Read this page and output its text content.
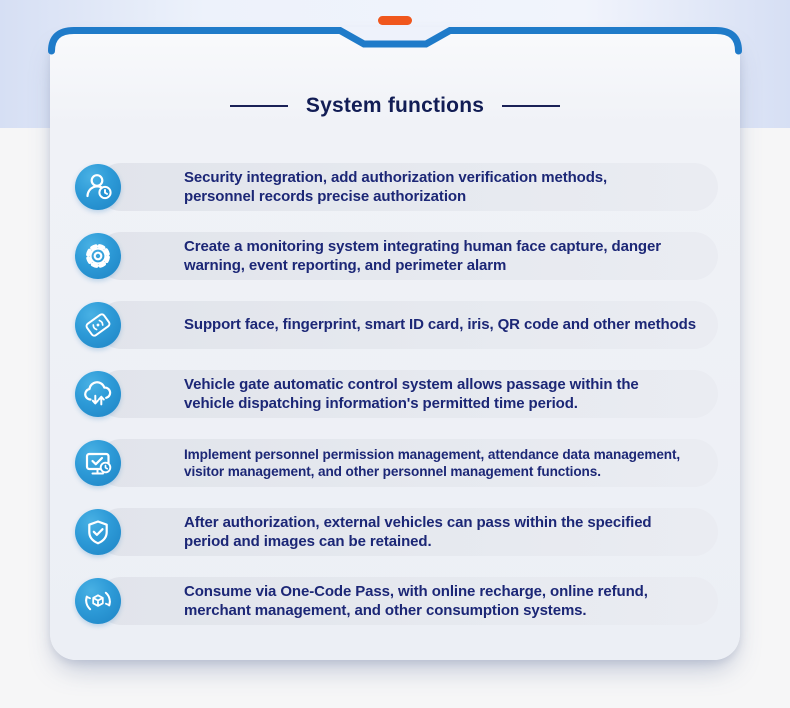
System functions
Security integration, add authorization verification methods,
personnel records precise authorization
Create a monitoring system integrating human face capture, danger
warning, event reporting, and perimeter alarm
Support face, fingerprint, smart ID card, iris, QR code and other methods
Vehicle gate automatic control system allows passage within the
vehicle dispatching information's permitted time period.
Implement personnel permission management, attendance data management,
visitor management, and other personnel management functions.
After authorization, external vehicles can pass within the specified
period and images can be retained.
Consume via One-Code Pass, with online recharge, online refund,
merchant management, and other consumption systems.
